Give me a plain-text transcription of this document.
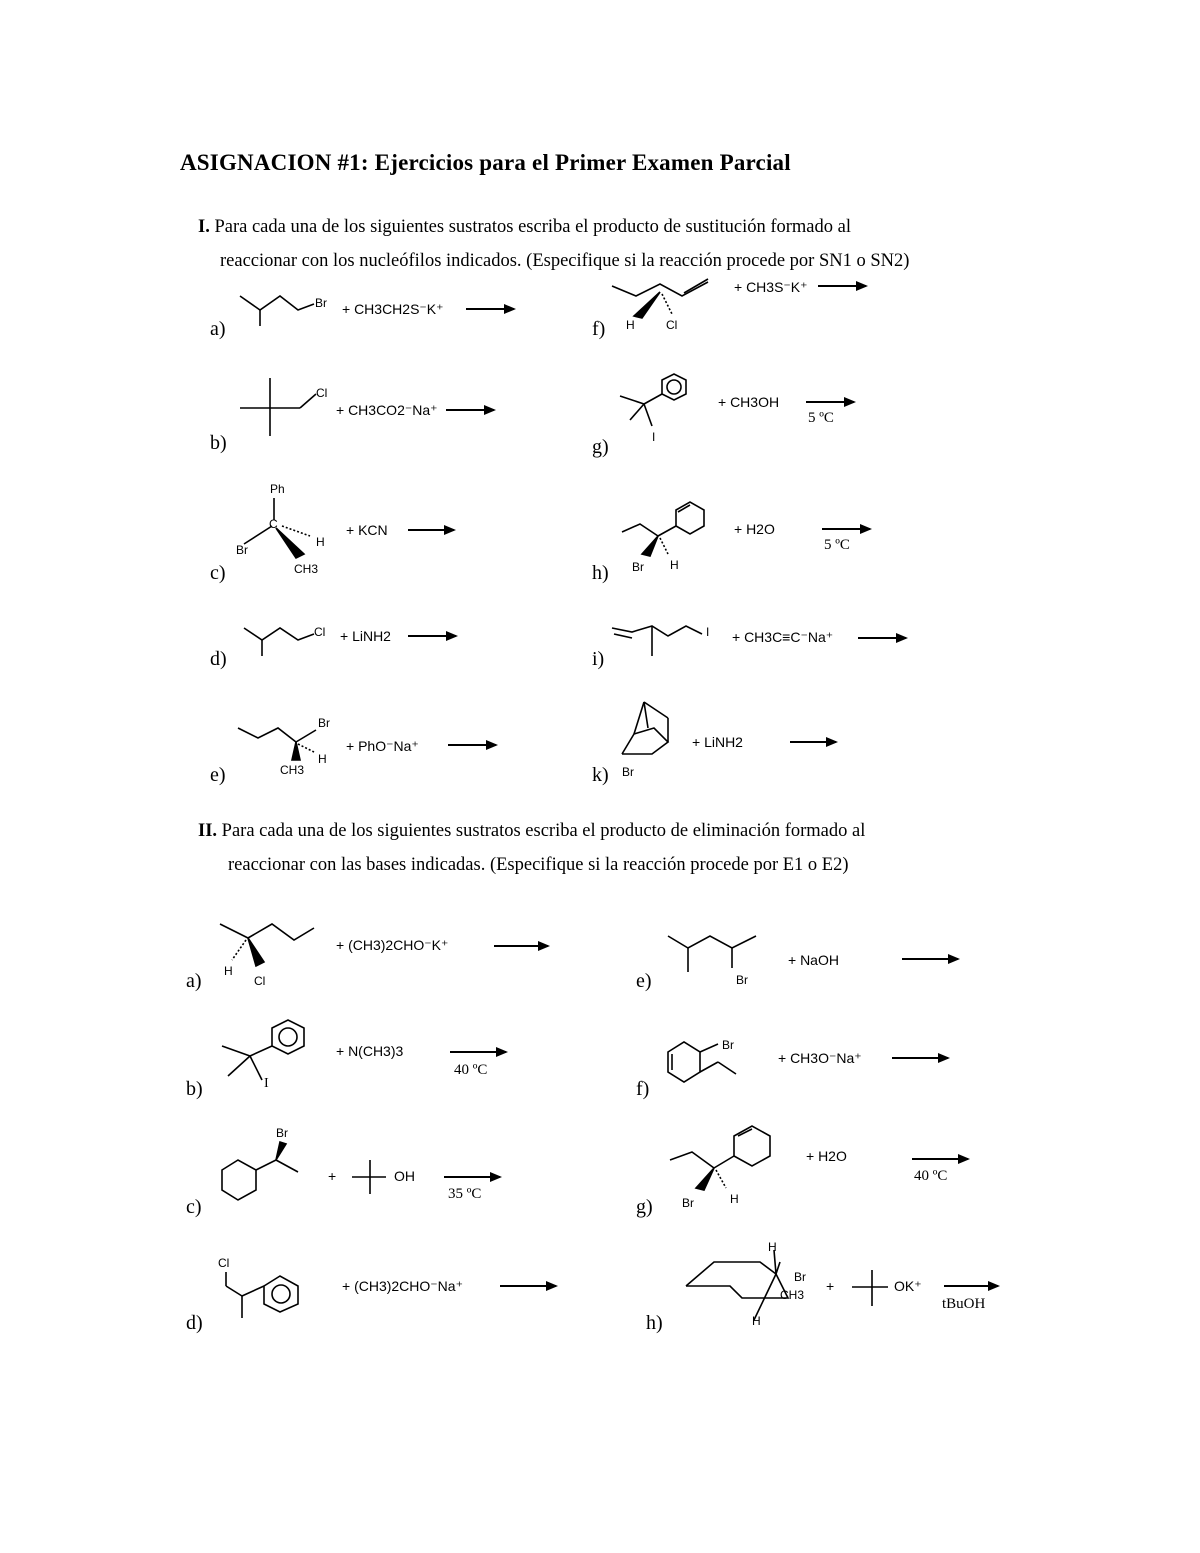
ASIGNACION #1: Ejercicios para el Primer Examen Parcial
I. Para cada una de los siguientes sustratos escriba el producto de sustitución formado al
reaccionar con los nucleófilos indicados. (Especifique si la reacción procede por SN1 o SN2)
a)
Br + CH3CH2S⁻K⁺
b)
Cl
+ CH3CO2⁻Na⁺
c)
Ph
C
Br
H
CH3
+ KCN
d)
Cl + LiNH2
e)
Br
H
CH3
+ PhO⁻Na⁺
f) H	Cl
+ CH3S⁻K⁺
g)	I
+ CH3OH
5 ºC
h) Br H
+ H2O
5 ºC
i)
I + CH3C≡C⁻Na⁺
k) Br
+ LiNH2
II. Para cada una de los siguientes sustratos escriba el producto de eliminación formado al
reaccionar con las bases indicadas. (Especifique si la reacción procede por E1 o E2)
a) H
Cl
+ (CH3)2CHO⁻K⁺
b)	I
+ N(CH3)3
40 ºC
c)
Br
+	OH
35 ºC
d)
Cl
+ (CH3)2CHO⁻Na⁺
e)	Br
+ NaOH
f)
Br
+ CH3O⁻Na⁺
g) Br	H
+ H2O
40 ºC
h)
H
Br
CH3
H
+	OK⁺
tBuOH
